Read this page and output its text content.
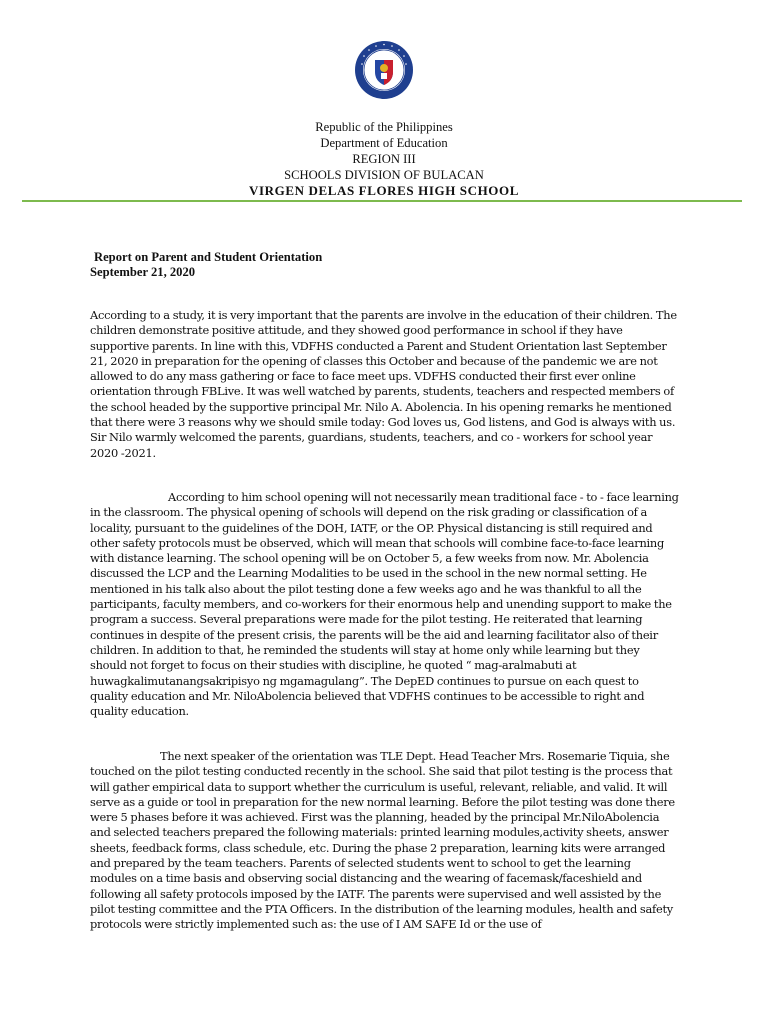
Republic of the Philippines
Department of Education
REGION III
SCHOOLS DIVISION OF BULACAN
VIRGEN DELAS FLORES HIGH SCHOOL
Report on Parent and Student Orientation
September 21, 2020

According to a study, it is very important that the parents are involve in the education of their children. The children demonstrate positive attitude, and they showed good performance in school if they have supportive parents. In line with this, VDFHS conducted a Parent and Student Orientation last September 21, 2020 in preparation for the opening of classes this October and because of the pandemic we are not allowed to do any mass gathering or face to face meet ups. VDFHS conducted their first ever online orientation through FBLive. It was well watched by parents, students, teachers and respected members of the school headed by the supportive principal Mr. Nilo A. Abolencia. In his opening remarks he mentioned that there were 3 reasons why we should smile today: God loves us, God listens, and God is always with us. Sir Nilo warmly welcomed the parents, guardians, students, teachers, and co - workers for school year 2020 -2021.

According to him school opening will not necessarily mean traditional face - to - face learning in the classroom. The physical opening of schools will depend on the risk grading or classification of a locality, pursuant to the guidelines of the DOH, IATF, or the OP. Physical distancing is still required and other safety protocols must be observed, which will mean that schools will combine face-to-face learning with distance learning. The school opening will be on October 5, a few weeks from now. Mr. Abolencia discussed the LCP and the Learning Modalities to be used in the school in the new normal setting. He mentioned in his talk also about the pilot testing done a few weeks ago and he was thankful to all the participants, faculty members, and co-workers for their enormous help and unending support to make the program a success. Several preparations were made for the pilot testing. He reiterated that learning continues in despite of the present crisis, the parents will be the aid and learning facilitator also of their children. In addition to that, he reminded the students will stay at home only while learning but they should not forget to focus on their studies with discipline, he quoted “ mag-aralmabuti at huwagkalimutanangsakripisyo ng mgamagulang”. The DepED continues to pursue on each quest to quality education and Mr. NiloAbolencia believed that VDFHS continues to be accessible to right and quality education.

The next speaker of the orientation was TLE Dept. Head Teacher Mrs. Rosemarie Tiquia, she touched on the pilot testing conducted recently in the school. She said that pilot testing is the process that will gather empirical data to support whether the curriculum is useful, relevant, reliable, and valid. It will serve as a guide or tool in preparation for the new normal learning. Before the pilot testing was done there were 5 phases before it was achieved. First was the planning, headed by the principal Mr.NiloAbolencia and selected teachers prepared the following materials: printed learning modules,activity sheets, answer sheets, feedback forms, class schedule, etc. During the phase 2 preparation, learning kits were arranged and prepared by the team teachers. Parents of selected students went to school to get the learning modules on a time basis and observing social distancing and the wearing of facemask/faceshield and following all safety protocols imposed by the IATF. The parents were supervised and well assisted by the pilot testing committee and the PTA Officers. In the distribution of the learning modules, health and safety protocols were strictly implemented such as: the use of I AM SAFE Id or the use of
